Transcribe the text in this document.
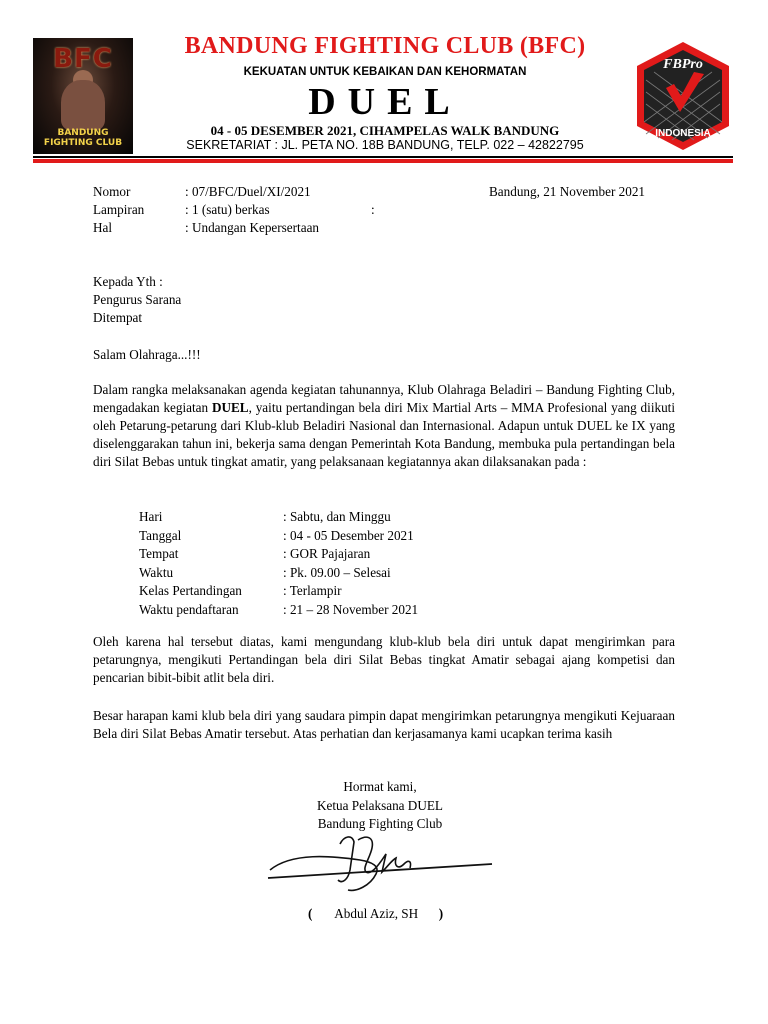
BFC
BANDUNG FIGHTING CLUB
BANDUNG FIGHTING CLUB (BFC)
KEKUATAN UNTUK KEBAIKAN DAN KEHORMATAN
DUEL
04 - 05 DESEMBER 2021, CIHAMPELAS WALK BANDUNG
SEKRETARIAT : JL. PETA NO. 18B BANDUNG, TELP. 022 – 42822795
FBPro
INDONESIA
Nomor	: 07/BFC/Duel/XI/2021
Lampiran	: 1 (satu) berkas	:
Hal	: Undangan Kepersertaan
Bandung, 21 November 2021
Kepada Yth :
Pengurus Sarana
Ditempat
Salam Olahraga...!!!

Dalam rangka melaksanakan agenda kegiatan tahunannya, Klub Olahraga Beladiri – Bandung Fighting Club, mengadakan kegiatan DUEL, yaitu pertandingan bela diri Mix Martial Arts – MMA Profesional yang diikuti oleh Petarung-petarung dari Klub-klub Beladiri Nasional dan Internasional. Adapun untuk DUEL ke IX yang diselenggarakan tahun ini, bekerja sama dengan Pemerintah Kota Bandung, membuka pula pertandingan bela diri Silat Bebas untuk tingkat amatir, yang pelaksanaan kegiatannya akan dilaksanakan pada :

Hari	: Sabtu, dan Minggu
Tanggal	: 04 - 05 Desember 2021
Tempat	: GOR Pajajaran
Waktu	: Pk. 09.00 – Selesai
Kelas Pertandingan	: Terlampir
Waktu pendaftaran	: 21 – 28 November 2021

Oleh karena hal tersebut diatas, kami mengundang klub-klub bela diri untuk dapat mengirimkan para petarungnya, mengikuti Pertandingan bela diri Silat Bebas tingkat Amatir sebagai ajang kompetisi dan pencarian bibit-bibit atlit bela diri.

Besar harapan kami klub bela diri yang saudara pimpin dapat mengirimkan petarungnya mengikuti Kejuaraan Bela diri Silat Bebas Amatir tersebut. Atas perhatian dan kerjasamanya kami ucapkan terima kasih

Hormat kami,
Ketua Pelaksana DUEL
Bandung Fighting Club
( Abdul Aziz, SH )
